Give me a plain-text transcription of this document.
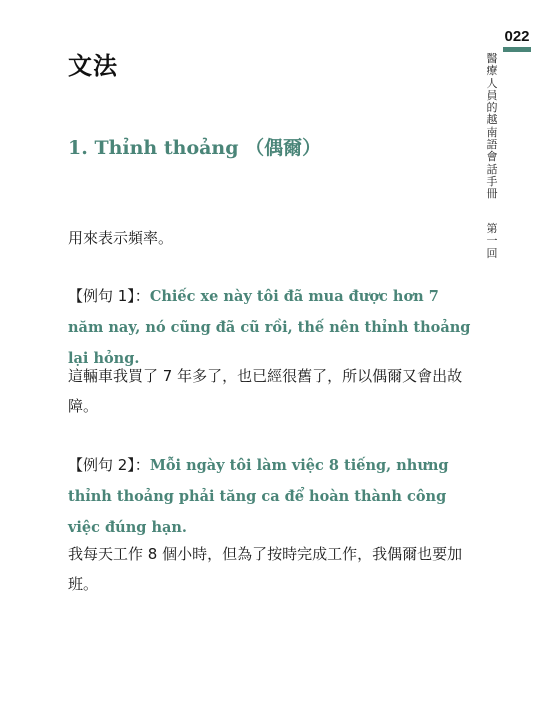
文法
022
醫療人員的越南語會話手冊
第一回
1. Thỉnh thoảng （偶爾）

用來表示頻率。

【例句 1】：Chiếc xe này tôi đã mua được hơn 7 năm nay, nó cũng đã cũ rồi, thế nên thỉnh thoảng lại hỏng.

這輛車我買了 7 年多了，也已經很舊了，所以偶爾又會出故障。

【例句 2】：Mỗi ngày tôi làm việc 8 tiếng, nhưng thỉnh thoảng phải tăng ca để hoàn thành công việc đúng hạn.

我每天工作 8 個小時，但為了按時完成工作，我偶爾也要加班。
